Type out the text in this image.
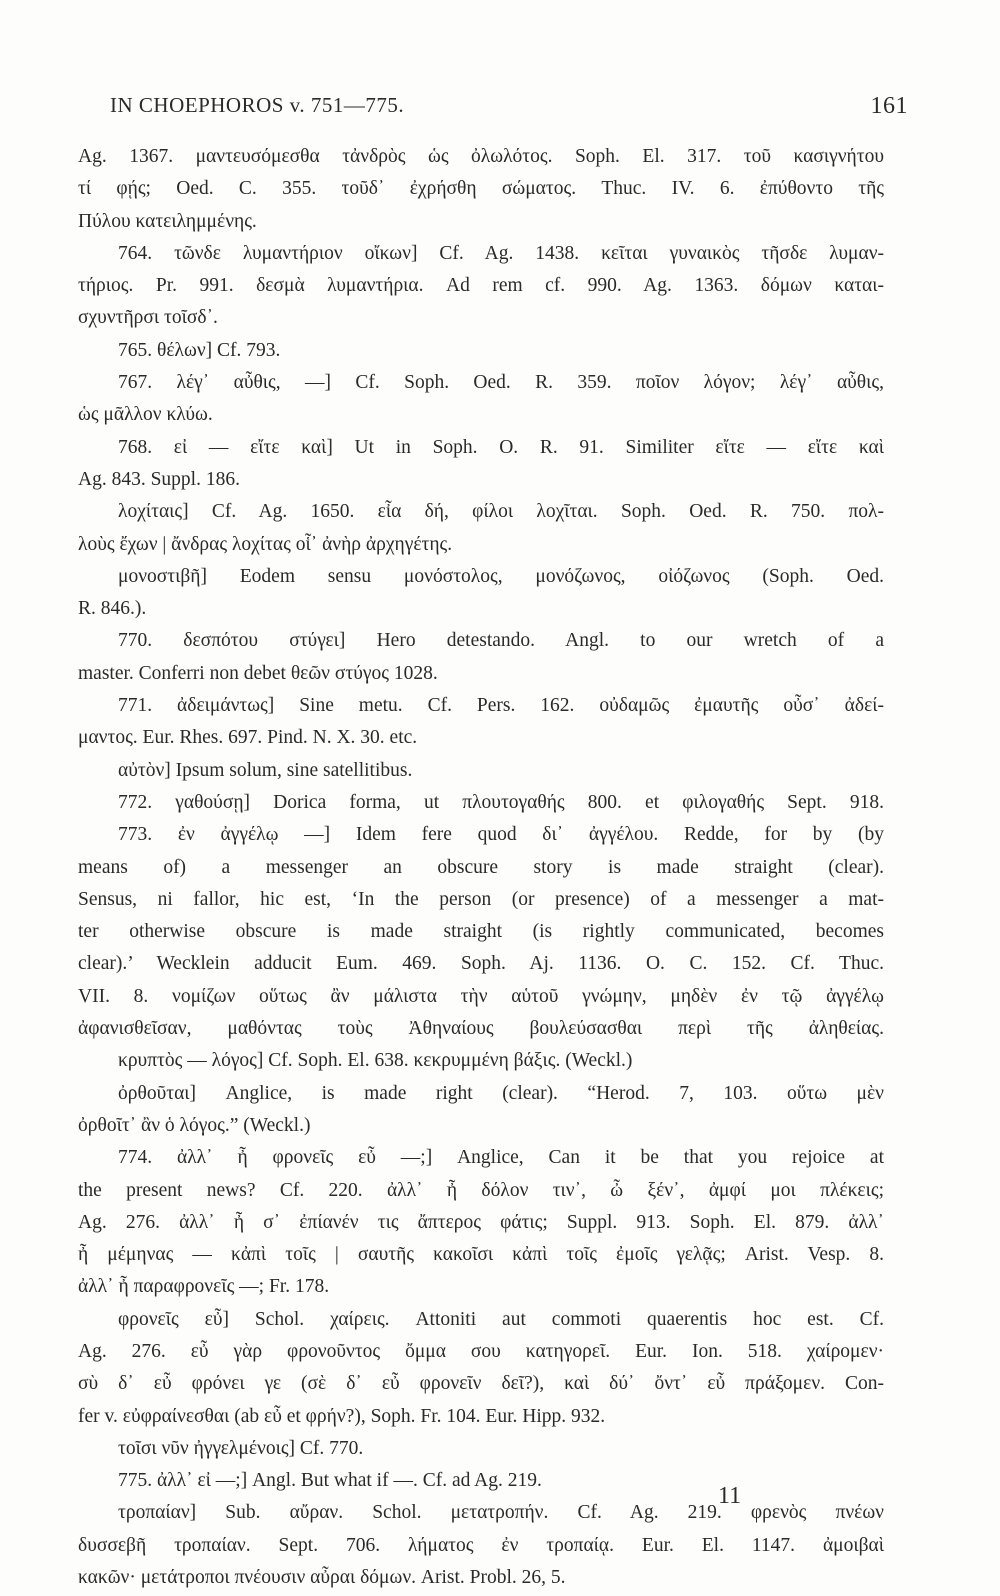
IN CHOEPHOROS v. 751—775.	161
Ag. 1367. μαντευσόμεσθα τἀνδρὸς ὡς ὀλωλότος. Soph. El. 317. τοῦ κασιγνήτου
τί φῄς; Oed. C. 355. τοῦδ᾽ ἐχρήσθη σώματος. Thuc. IV. 6. ἐπύθοντο τῆς
Πύλου κατειλημμένης.
764. τῶνδε λυμαντήριον οἴκων] Cf. Ag. 1438. κεῖται γυναικὸς τῆσδε λυμαν-
τήριος. Pr. 991. δεσμὰ λυμαντήρια. Ad rem cf. 990. Ag. 1363. δόμων καται-
σχυντῆρσι τοῖσδ᾽.
765. θέλων] Cf. 793.
767. λέγ᾽ αὖθις, —] Cf. Soph. Oed. R. 359. ποῖον λόγον; λέγ᾽ αὖθις,
ὡς μᾶλλον κλύω.
768. εἰ — εἴτε καὶ] Ut in Soph. O. R. 91. Similiter εἴτε — εἴτε καὶ
Ag. 843. Suppl. 186.
λοχίταις] Cf. Ag. 1650. εἶα δή, φίλοι λοχῖται. Soph. Oed. R. 750. πολ-
λοὺς ἔχων | ἄνδρας λοχίτας οἷ᾽ ἀνὴρ ἀρχηγέτης.
μονοστιβῆ] Eodem sensu μονόστολος, μονόζωνος, οἰόζωνος (Soph. Oed.
R. 846.).
770. δεσπότου στύγει] Hero detestando. Angl. to our wretch of a
master. Conferri non debet θεῶν στύγος 1028.
771. ἀδειμάντως] Sine metu. Cf. Pers. 162. οὐδαμῶς ἐμαυτῆς οὖσ᾽ ἀδεί-
μαντος. Eur. Rhes. 697. Pind. N. X. 30. etc.
αὐτὸν] Ipsum solum, sine satellitibus.
772. γαθούσῃ] Dorica forma, ut πλουτογαθής 800. et φιλογαθής Sept. 918.
773. ἐν ἀγγέλῳ —] Idem fere quod δι᾽ ἀγγέλου. Redde, for by (by
means of) a messenger an obscure story is made straight (clear).
Sensus, ni fallor, hic est, ‘In the person (or presence) of a messenger a mat-
ter otherwise obscure is made straight (is rightly communicated, becomes
clear).’ Wecklein adducit Eum. 469. Soph. Aj. 1136. O. C. 152. Cf. Thuc.
VII. 8. νομίζων οὕτως ἂν μάλιστα τὴν αὑτοῦ γνώμην, μηδὲν ἐν τῷ ἀγγέλῳ
ἀφανισθεῖσαν, μαθόντας τοὺς Ἀθηναίους βουλεύσασθαι περὶ τῆς ἀληθείας.
κρυπτὸς — λόγος] Cf. Soph. El. 638. κεκρυμμένη βάξις. (Weckl.)
ὀρθοῦται] Anglice, is made right (clear). “Herod. 7, 103. οὕτω μὲν
ὀρθοῖτ᾽ ἂν ὁ λόγος.” (Weckl.)
774. ἀλλ᾽ ἦ φρονεῖς εὖ —;] Anglice, Can it be that you rejoice at
the present news? Cf. 220. ἀλλ᾽ ἦ δόλον τιν᾽, ὦ ξέν᾽, ἀμφί μοι πλέκεις;
Ag. 276. ἀλλ᾽ ἦ σ᾽ ἐπίανέν τις ἄπτερος φάτις; Suppl. 913. Soph. El. 879. ἀλλ᾽
ἦ μέμηνας — κἀπὶ τοῖς | σαυτῆς κακοῖσι κἀπὶ τοῖς ἐμοῖς γελᾷς; Arist. Vesp. 8.
ἀλλ᾽ ἦ παραφρονεῖς —; Fr. 178.
φρονεῖς εὖ] Schol. χαίρεις. Attoniti aut commoti quaerentis hoc est. Cf.
Ag. 276. εὖ γὰρ φρονοῦντος ὄμμα σου κατηγορεῖ. Eur. Ion. 518. χαίρομεν·
σὺ δ᾽ εὖ φρόνει γε (σὲ δ᾽ εὖ φρονεῖν δεῖ?), καὶ δύ᾽ ὄντ᾽ εὖ πράξομεν. Con-
fer v. εὐφραίνεσθαι (ab εὖ et φρήν?), Soph. Fr. 104. Eur. Hipp. 932.
τοῖσι νῦν ἠγγελμένοις] Cf. 770.
775. ἀλλ᾽ εἰ —;] Angl. But what if —. Cf. ad Ag. 219.
τροπαίαν] Sub. αὔραν. Schol. μετατροπήν. Cf. Ag. 219. φρενὸς πνέων
δυσσεβῆ τροπαίαν. Sept. 706. λήματος ἐν τροπαίᾳ. Eur. El. 1147. ἀμοιβαὶ
κακῶν· μετάτροποι πνέουσιν αὖραι δόμων. Arist. Probl. 26, 5.
11
